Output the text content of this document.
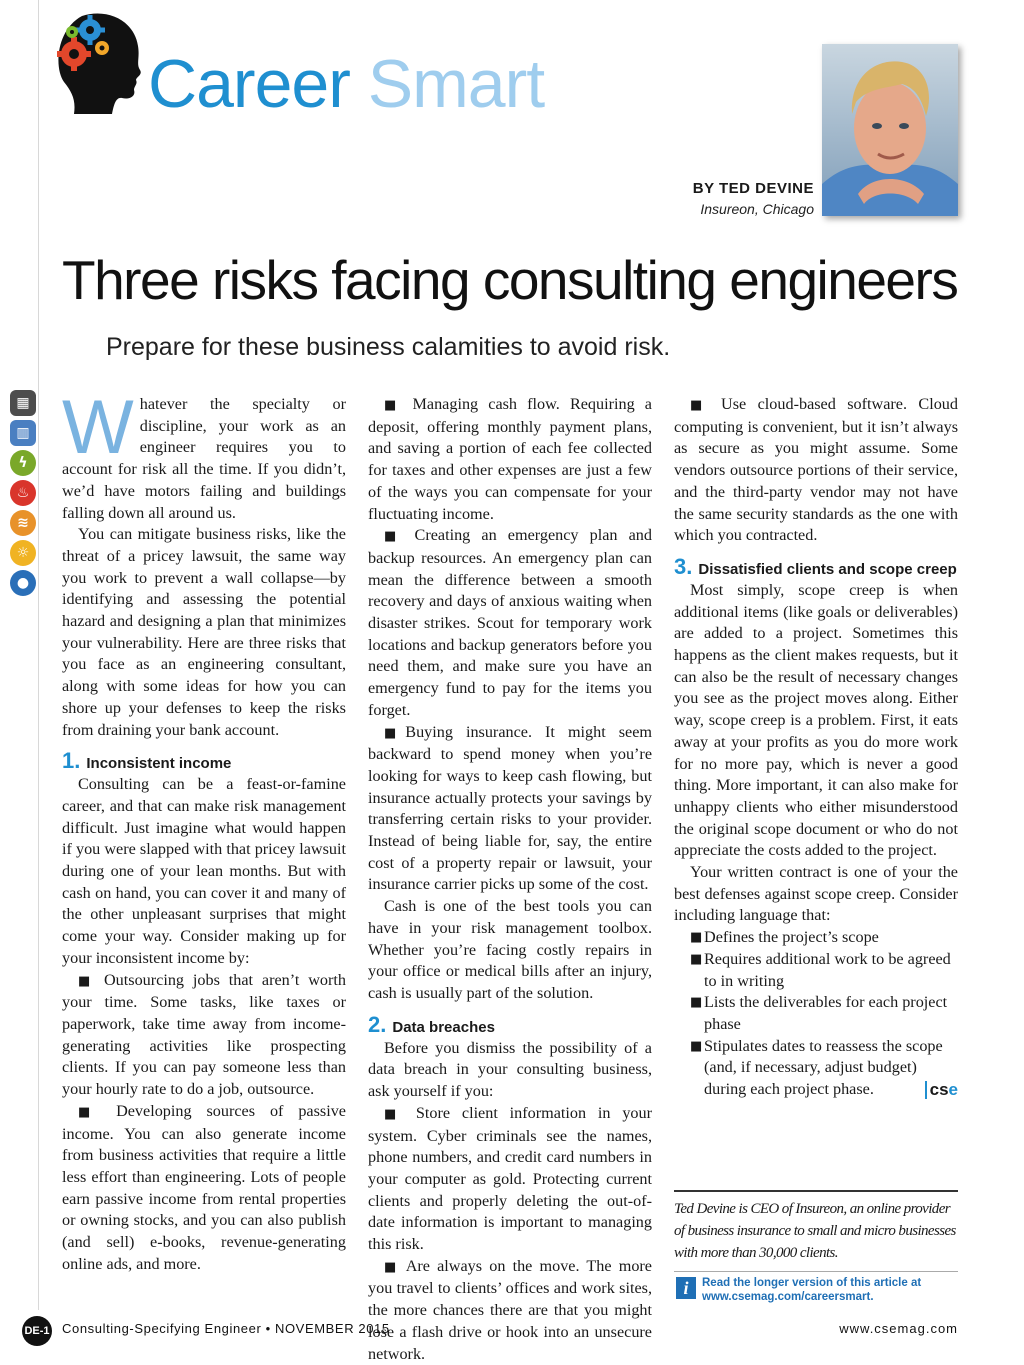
Career Smart
BY TED DEVINE
Insureon, Chicago
Three risks facing consulting engineers
Prepare for these business calamities to avoid risk.
▦
▥
ϟ
♨
≋
☼
●

Whatever the specialty or discipline, your work as an engineer requires you to account for risk all the time. If you didn’t, we’d have motors failing and buildings falling down all around us.

You can mitigate business risks, like the threat of a pricey lawsuit, the same way you work to prevent a wall collapse—by identifying and assessing the potential hazard and designing a plan that minimizes your vulnerability. Here are three risks that you face as an engineering consultant, along with some ideas for how you can shore up your defenses to keep the risks from draining your bank account.

1. Inconsistent income

Consulting can be a feast-or-famine career, and that can make risk management difficult. Just imagine what would happen if you were slapped with that pricey lawsuit during one of your lean months. But with cash on hand, you can cover it and many of the other unpleasant surprises that might come your way. Consider making up for your inconsistent income by:

■ Outsourcing jobs that aren’t worth your time. Some tasks, like taxes or paperwork, take time away from income-generating activities like prospecting clients. If you can pay someone less than your hourly rate to do a job, outsource.

■ Developing sources of passive income. You can also generate income from business activities that require a little less effort than engineering. Lots of people earn passive income from rental properties or owning stocks, and you can also publish (and sell) e-books, revenue-generating online ads, and more.

■ Managing cash flow. Requiring a deposit, offering monthly payment plans, and saving a portion of each fee collected for taxes and other expenses are just a few of the ways you can compensate for your fluctuating income.

■ Creating an emergency plan and backup resources. An emergency plan can mean the difference between a smooth recovery and days of anxious waiting when disaster strikes. Scout for temporary work locations and backup generators before you need them, and make sure you have an emergency fund to pay for the items you forget.

■Buying insurance. It might seem backward to spend money when you’re looking for ways to keep cash flowing, but insurance actually protects your savings by transferring certain risks to your provider. Instead of being liable for, say, the entire cost of a property repair or lawsuit, your insurance carrier picks up some of the cost.

Cash is one of the best tools you can have in your risk management toolbox. Whether you’re facing costly repairs in your office or medical bills after an injury, cash is usually part of the solution.

2. Data breaches

Before you dismiss the possibility of a data breach in your consulting business, ask yourself if you:

■ Store client information in your system. Cyber criminals see the names, phone numbers, and credit card numbers in your computer as gold. Protecting current clients and properly deleting the out-of-date information is important to managing this risk.

■ Are always on the move. The more you travel to clients’ offices and work sites, the more chances there are that you might lose a flash drive or hook into an unsecure network.

■ Use cloud-based software. Cloud computing is convenient, but it isn’t always as secure as you might assume. Some vendors outsource portions of their service, and the third-party vendor may not have the same security standards as the one with which you contracted.

3. Dissatisfied clients and scope creep

Most simply, scope creep is when additional items (like goals or deliverables) are added to a project. Sometimes this happens as the client makes requests, but it can also be the result of necessary changes you see as the project moves along. Either way, scope creep is a problem. First, it eats away at your profits as you do more work for no more pay, which is never a good thing. More important, it can also make for unhappy clients who either misunderstood the original scope document or who do not appreciate the costs added to the project.

Your written contract is one of your the best defenses against scope creep. Consider including language that:

■ Defines the project’s scope

■ Requires additional work to be agreed to in writing

■ Lists the deliverables for each project phase

■ Stipulates dates to reassess the scope (and, if necessary, adjust budget) during each project phase.	cse

Ted Devine is CEO of Insureon, an online provider of business insurance to small and micro businesses with more than 30,000 clients.
i	Read the longer version of this article at
www.csemag.com/careersmart.
DE-1 Consulting-Specifying Engineer • NOVEMBER 2015	www.csemag.com
